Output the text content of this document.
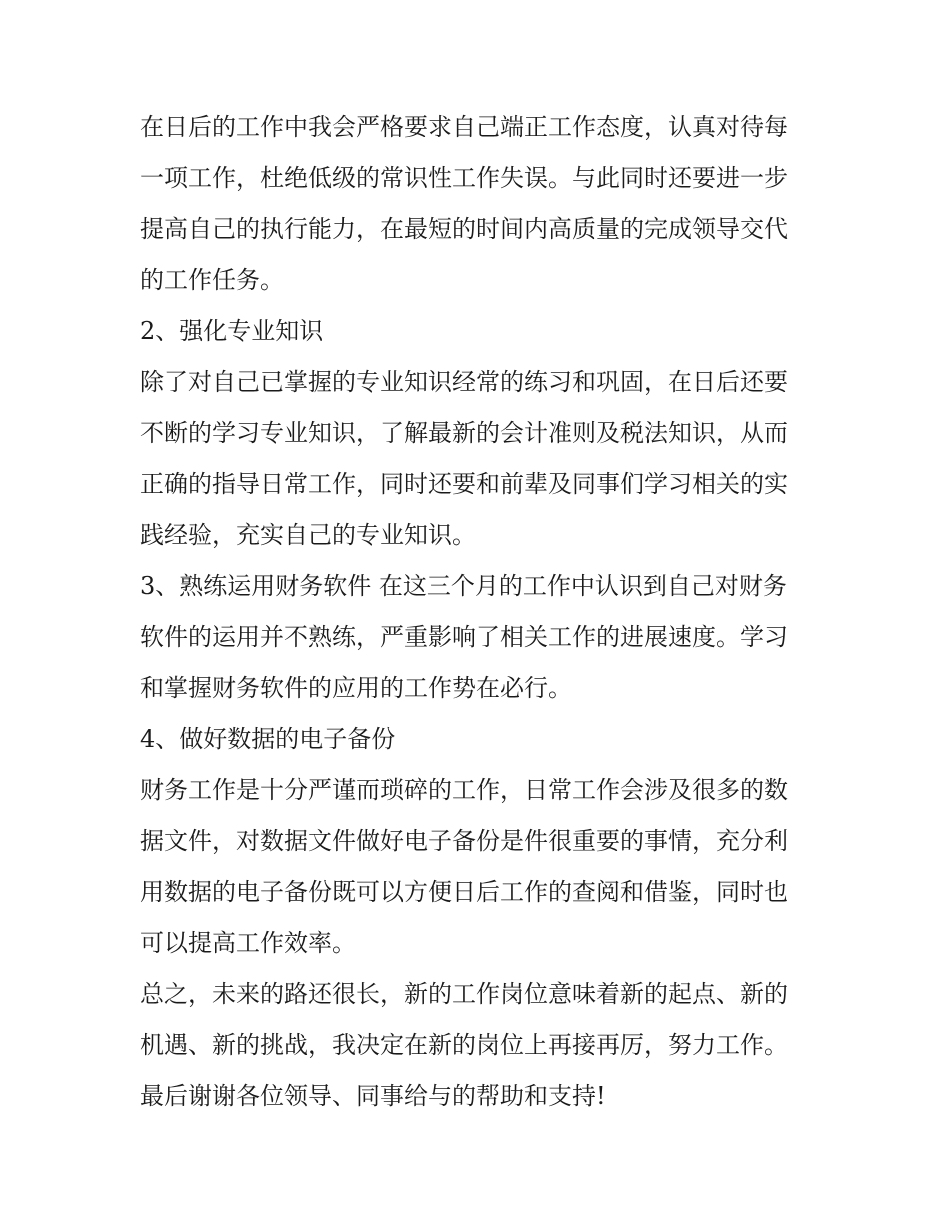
在日后的工作中我会严格要求自己端正工作态度，认真对待每
一项工作，杜绝低级的常识性工作失误。与此同时还要进一步
提高自己的执行能力，在最短的时间内高质量的完成领导交代
的工作任务。
2、强化专业知识
除了对自己已掌握的专业知识经常的练习和巩固，在日后还要
不断的学习专业知识，了解最新的会计准则及税法知识，从而
正确的指导日常工作，同时还要和前辈及同事们学习相关的实
践经验，充实自己的专业知识。
3、熟练运用财务软件 在这三个月的工作中认识到自己对财务
软件的运用并不熟练，严重影响了相关工作的进展速度。学习
和掌握财务软件的应用的工作势在必行。
4、做好数据的电子备份
财务工作是十分严谨而琐碎的工作，日常工作会涉及很多的数
据文件，对数据文件做好电子备份是件很重要的事情，充分利
用数据的电子备份既可以方便日后工作的查阅和借鉴，同时也
可以提高工作效率。
总之，未来的路还很长，新的工作岗位意味着新的起点、新的
机遇、新的挑战，我决定在新的岗位上再接再厉，努力工作。
最后谢谢各位领导、同事给与的帮助和支持!
